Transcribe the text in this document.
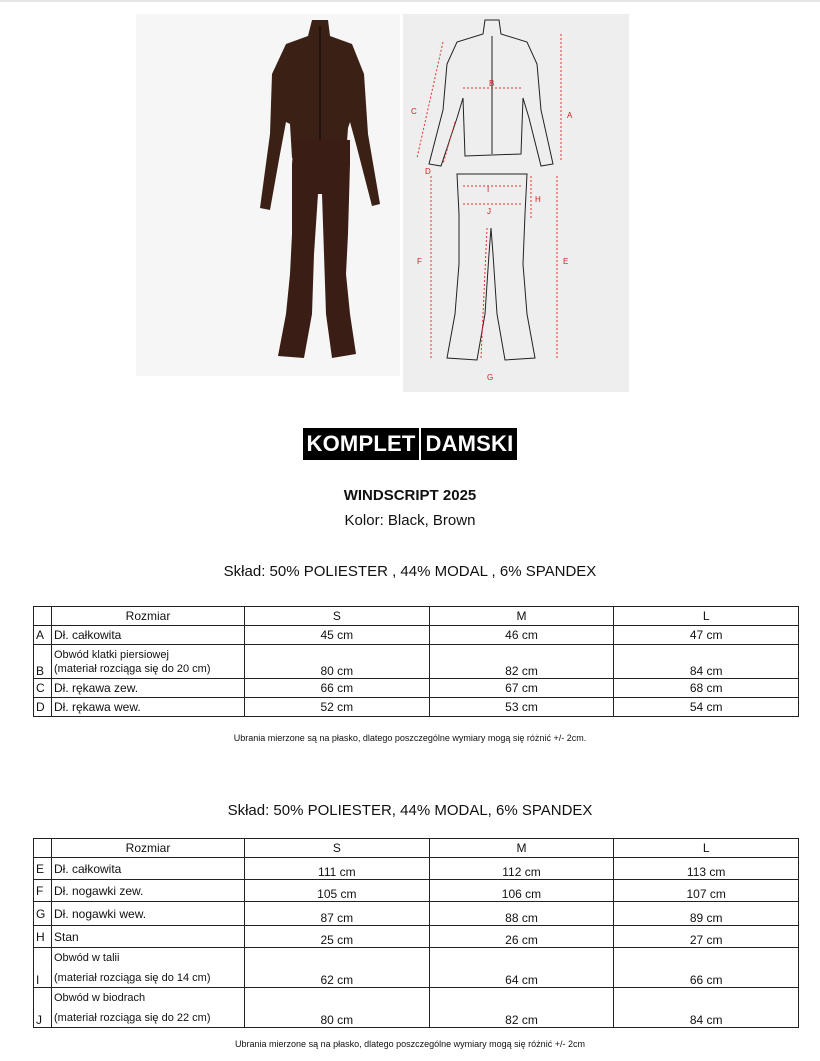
A
B
C
D
E
F
G
H
I
J
KOMPLET DAMSKI
WINDSCRIPT 2025
Kolor: Black, Brown
Skład: 50% POLIESTER , 44% MODAL , 6% SPANDEX
	Rozmiar	S	M	L
A	Dł. całkowita	45 cm	46 cm	47 cm
B	Obwód klatki piersiowej
(materiał rozciąga się do 20 cm)	80 cm	82 cm	84 cm
C	Dł. rękawa zew.	66 cm	67 cm	68 cm
D	Dł. rękawa wew.	52 cm	53 cm	54 cm
Ubrania mierzone są na płasko, dlatego poszczególne wymiary mogą się różnić +/- 2cm.
Skład: 50% POLIESTER, 44% MODAL, 6% SPANDEX
	Rozmiar	S	M	L
E	Dł. całkowita	111 cm	112 cm	113 cm
F	Dł. nogawki zew.	105 cm	106 cm	107 cm
G	Dł. nogawki wew.	87 cm	88 cm	89 cm
H	Stan	25 cm	26 cm	27 cm
I	Obwód w talii
(materiał rozciąga się do 14 cm)	62 cm	64 cm	66 cm
J	Obwód w biodrach
(materiał rozciąga się do 22 cm)	80 cm	82 cm	84 cm
Ubrania mierzone są na płasko, dlatego poszczególne wymiary mogą się różnić +/- 2cm
